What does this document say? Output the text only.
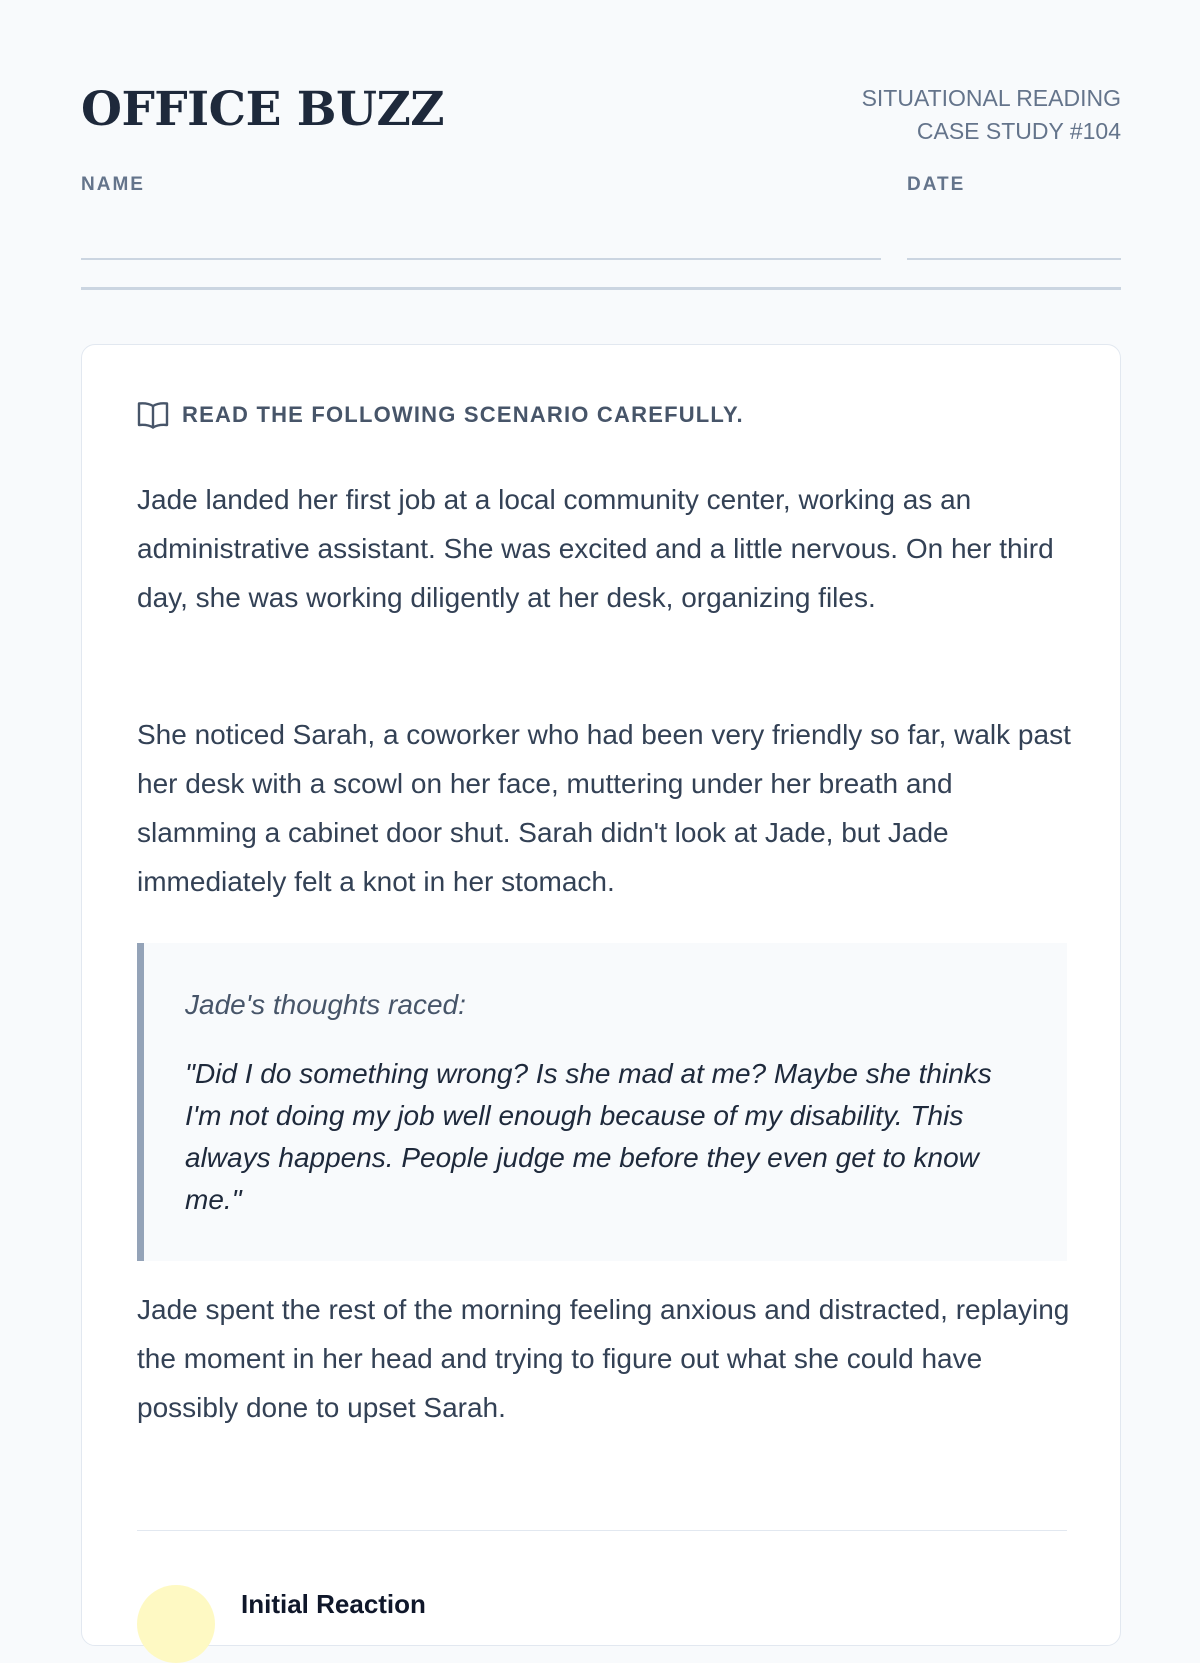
OFFICE BUZZ	SITUATIONAL READING
CASE STUDY #104
NAME	DATE
READ THE FOLLOWING SCENARIO CAREFULLY.

Jade landed her first job at a local community center, working as an administrative assistant. She was excited and a little nervous. On her third day, she was working diligently at her desk, organizing files.

She noticed Sarah, a coworker who had been very friendly so far, walk past her desk with a scowl on her face, muttering under her breath and slamming a cabinet door shut. Sarah didn't look at Jade, but Jade immediately felt a knot in her stomach.

Jade's thoughts raced:

"Did I do something wrong? Is she mad at me? Maybe she thinks I'm not doing my job well enough because of my disability. This always happens. People judge me before they even get to know me."

Jade spent the rest of the morning feeling anxious and distracted, replaying the moment in her head and trying to figure out what she could have possibly done to upset Sarah.

Initial Reaction
